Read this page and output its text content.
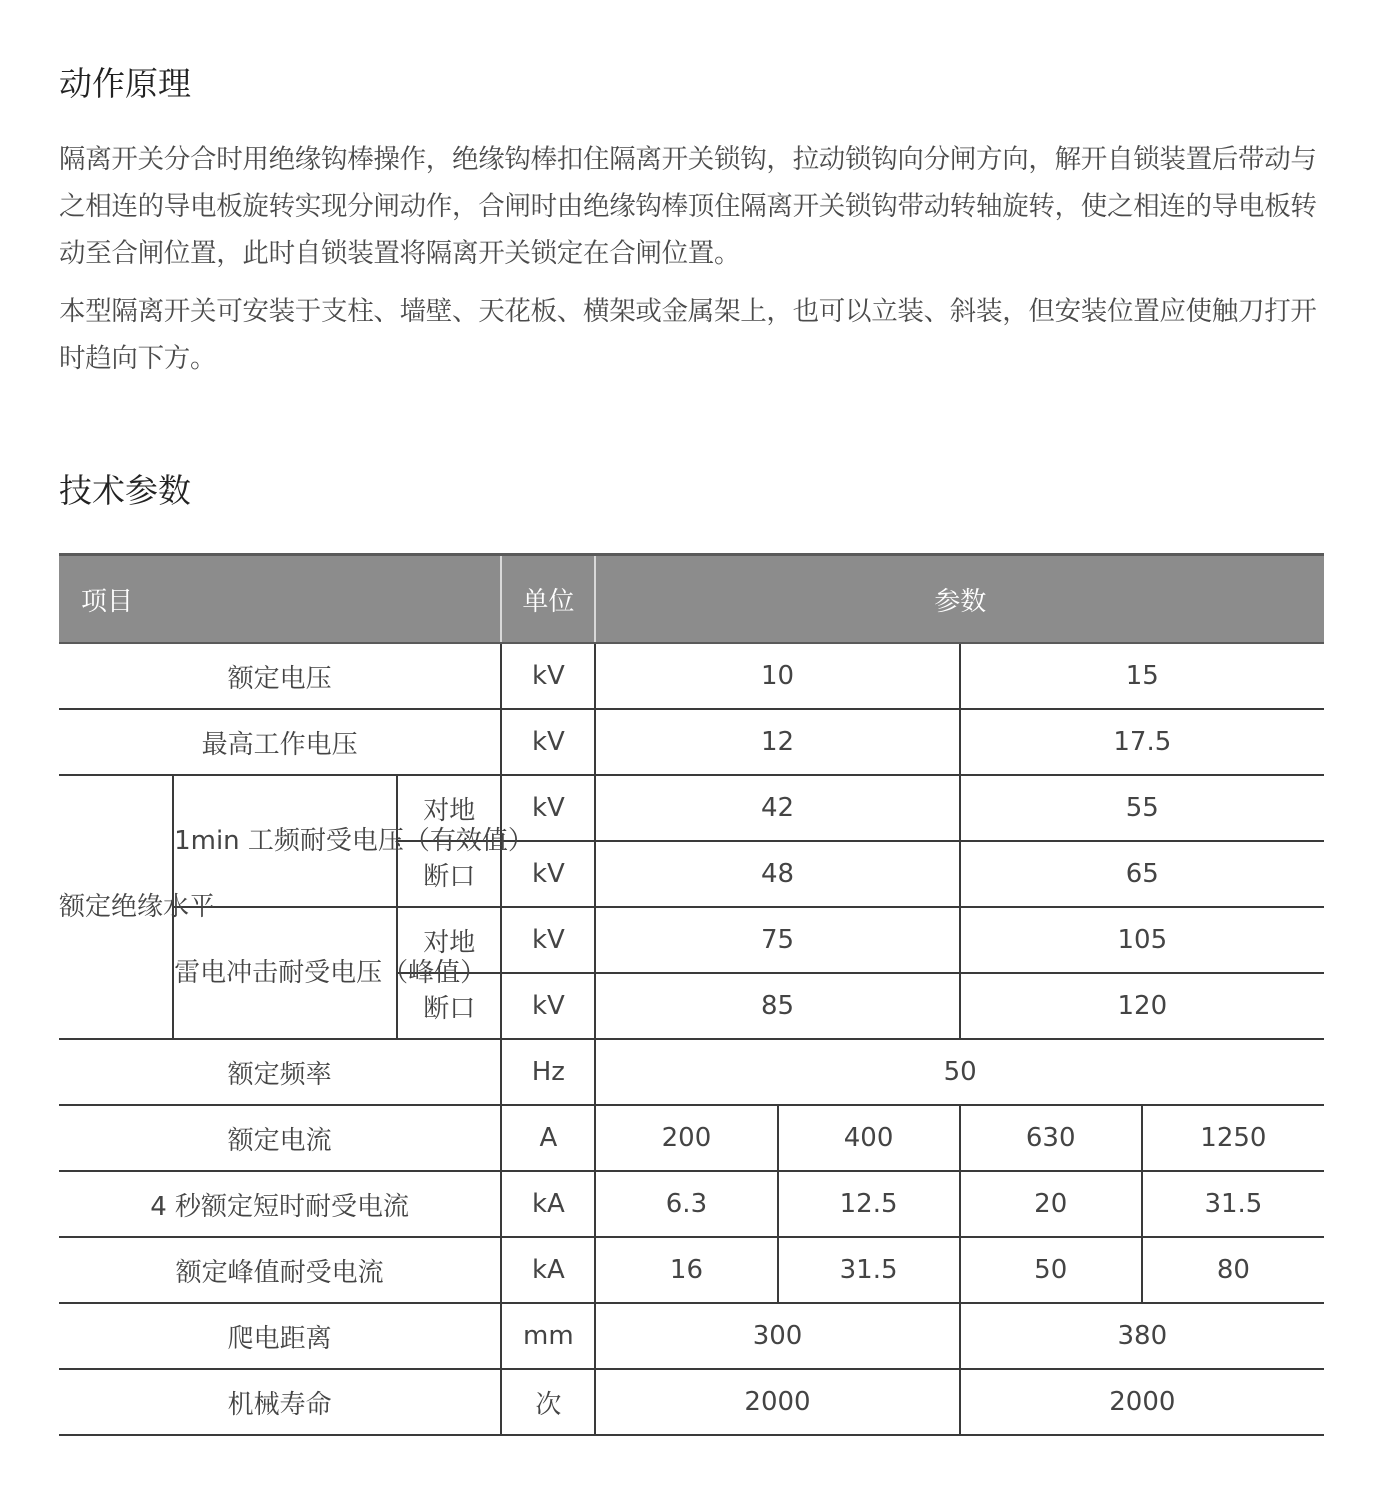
动作原理

隔离开关分合时用绝缘钩棒操作，绝缘钩棒扣住隔离开关锁钩，拉动锁钩向分闸方向，解开自锁装置后带动与之相连的导电板旋转实现分闸动作，合闸时由绝缘钩棒顶住隔离开关锁钩带动转轴旋转，使之相连的导电板转动至合闸位置，此时自锁装置将隔离开关锁定在合闸位置。

本型隔离开关可安装于支柱、墙壁、天花板、横架或金属架上，也可以立装、斜装，但安装位置应使触刀打开时趋向下方。

技术参数
项目			单位	参数			
额定电压			kV	10		15	
最高工作电压			kV	12		17.5	
额定绝缘水平	1min 工频耐受电压（有效值）	对地	kV	42		55	
		断口	kV	48		65	
	雷电冲击耐受电压（峰值）	对地	kV	75		105	
		断口	kV	85		120	
额定频率			Hz	50			
额定电流			A	200	400	630	1250
4 秒额定短时耐受电流			kA	6.3	12.5	20	31.5
额定峰值耐受电流			kA	16	31.5	50	80
爬电距离			mm	300		380	
机械寿命			次	2000		2000	
